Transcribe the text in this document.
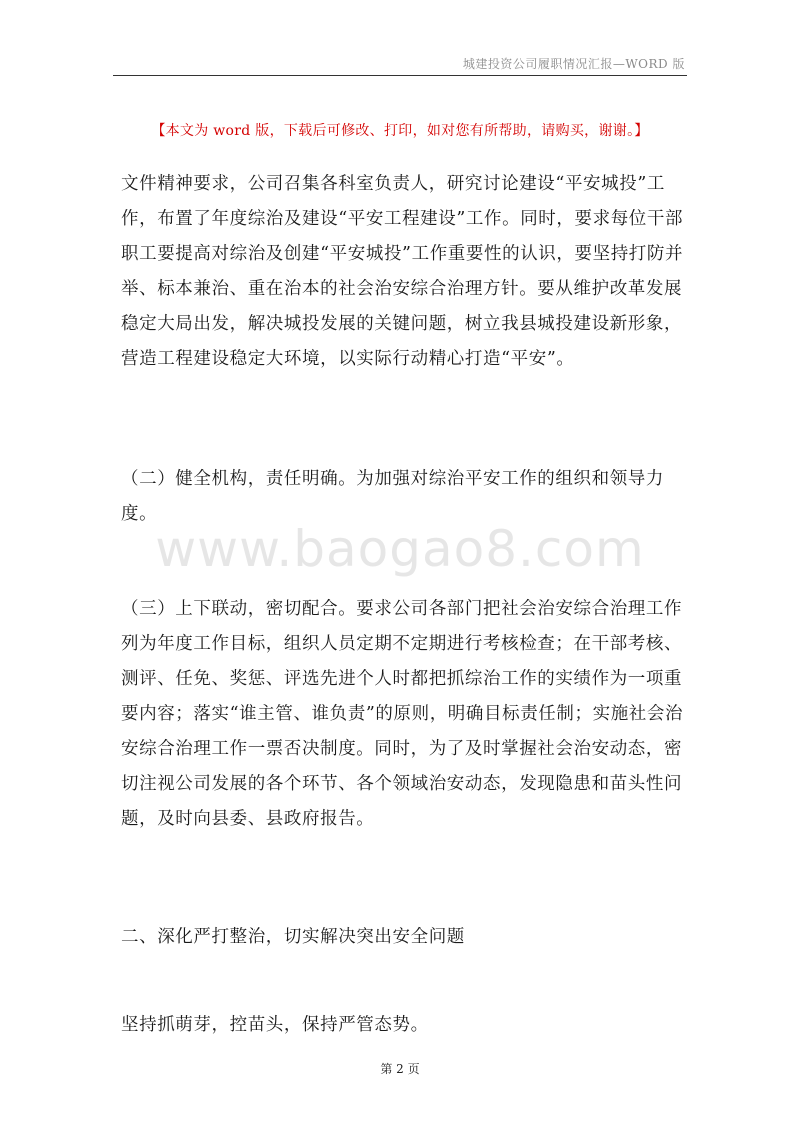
城建投资公司履职情况汇报—WORD 版
【本文为 word 版，下载后可修改、打印，如对您有所帮助，请购买，谢谢。】
文件精神要求，公司召集各科室负责人，研究讨论建设“平安城投”工作，布置了年度综治及建设“平安工程建设”工作。同时，要求每位干部职工要提高对综治及创建“平安城投”工作重要性的认识，要坚持打防并举、标本兼治、重在治本的社会治安综合治理方针。要从维护改革发展稳定大局出发，解决城投发展的关键问题，树立我县城投建设新形象，营造工程建设稳定大环境，以实际行动精心打造“平安”。
（二）健全机构，责任明确。为加强对综治平安工作的组织和领导力度。
www.baogao8.com
（三）上下联动，密切配合。要求公司各部门把社会治安综合治理工作列为年度工作目标，组织人员定期不定期进行考核检查；在干部考核、测评、任免、奖惩、评选先进个人时都把抓综治工作的实绩作为一项重要内容；落实“谁主管、谁负责”的原则，明确目标责任制；实施社会治安综合治理工作一票否决制度。同时，为了及时掌握社会治安动态，密切注视公司发展的各个环节、各个领域治安动态，发现隐患和苗头性问题，及时向县委、县政府报告。
二、深化严打整治，切实解决突出安全问题
坚持抓萌芽，控苗头，保持严管态势。
第 2 页
